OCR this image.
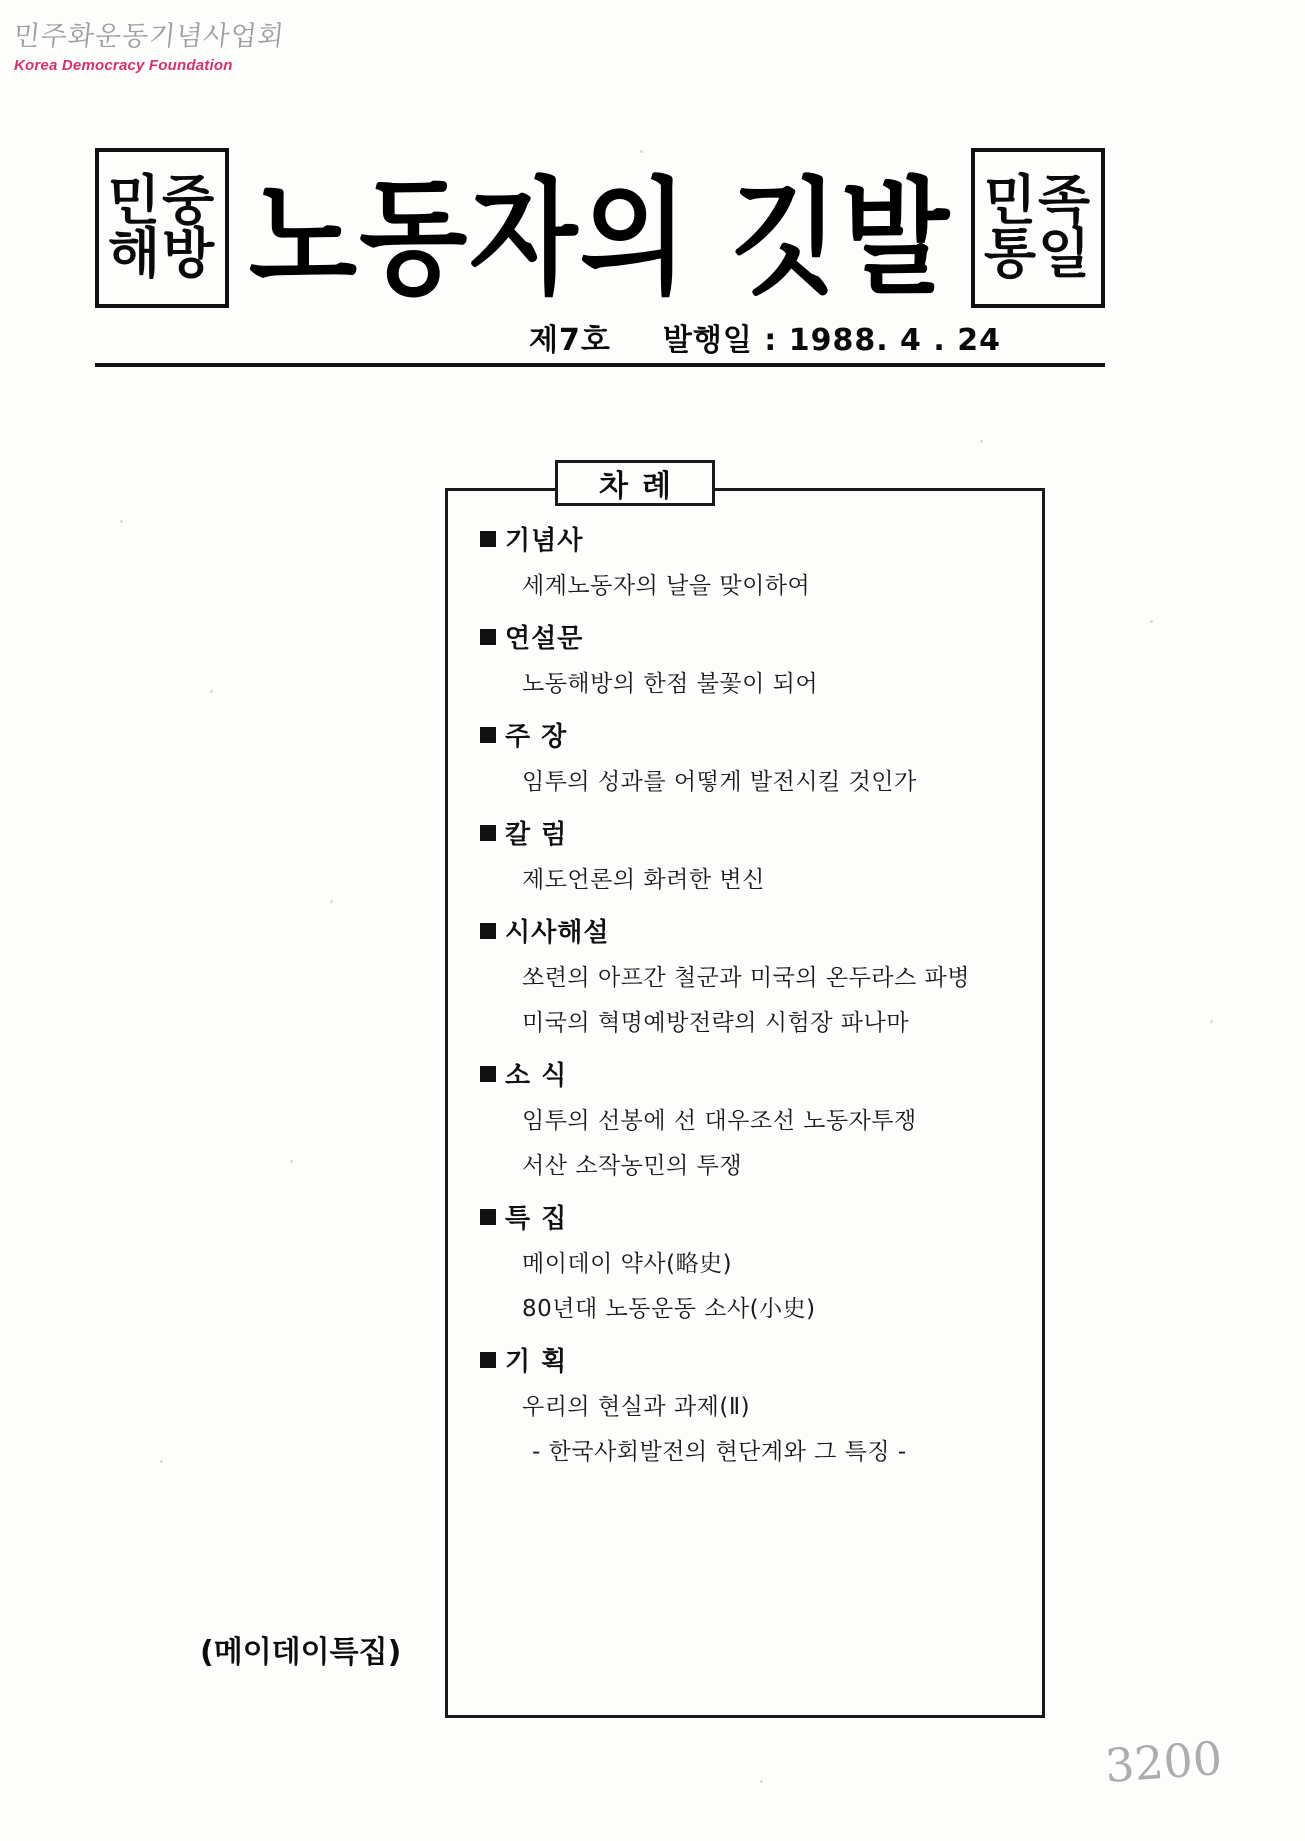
민주화운동기념사업회
Korea Democracy Foundation
민중
해방 노동자의 깃발 민족
통일
제7호 발행일 : 1988. 4 . 24
차례
기념사
세계노동자의 날을 맞이하여
연설문
노동해방의 한점 불꽃이 되어
주 장
임투의 성과를 어떻게 발전시킬 것인가
칼 럼
제도언론의 화려한 변신
시사해설
쏘련의 아프간 철군과 미국의 온두라스 파병
미국의 혁명예방전략의 시험장 파나마
소 식
임투의 선봉에 선 대우조선 노동자투쟁
서산 소작농민의 투쟁
특 집
메이데이 약사(略史)
80년대 노동운동 소사(小史)
기 획
우리의 현실과 과제(Ⅱ)
- 한국사회발전의 현단계와 그 특징 -
(메이데이특집)
3200
